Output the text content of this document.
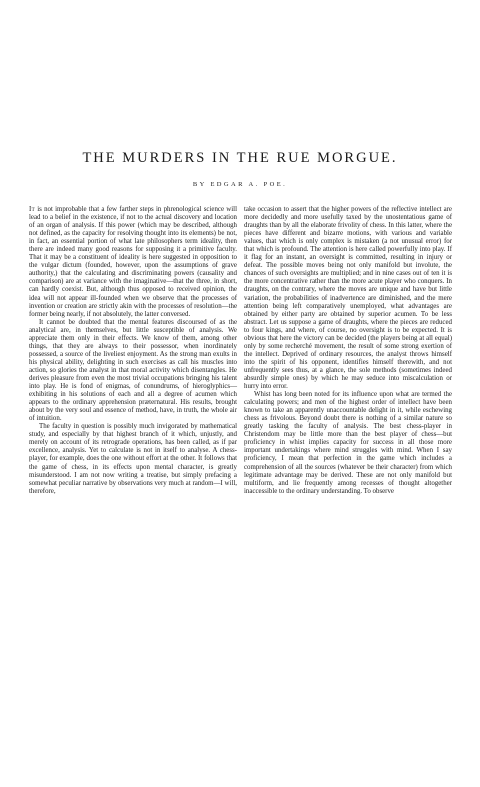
THE MURDERS IN THE RUE MORGUE.
BY EDGAR A. POE.

It is not improbable that a few farther steps in phrenological science will lead to a belief in the existence, if not to the actual discovery and location of an organ of analysis. If this power (which may be described, although not defined, as the capacity for resolving thought into its elements) be not, in fact, an essential portion of what late philosophers term ideality, then there are indeed many good reasons for supposing it a primitive faculty. That it may be a constituent of ideality is here suggested in opposition to the vulgar dictum (founded, however, upon the assumptions of grave authority,) that the calculating and discriminating powers (causality and comparison) are at variance with the imaginative—that the three, in short, can hardly coexist. But, although thus opposed to received opinion, the idea will not appear ill-founded when we observe that the processes of invention or creation are strictly akin with the processes of resolution—the former being nearly, if not absolutely, the latter conversed.

It cannot be doubted that the mental features discoursed of as the analytical are, in themselves, but little susceptible of analysis. We appreciate them only in their effects. We know of them, among other things, that they are always to their possessor, when inordinately possessed, a source of the liveliest enjoyment. As the strong man exults in his physical ability, delighting in such exercises as call his muscles into action, so glories the analyst in that moral activity which disentangles. He derives pleasure from even the most trivial occupations bringing his talent into play. He is fond of enigmas, of conundrums, of hieroglyphics—exhibiting in his solutions of each and all a degree of acumen which appears to the ordinary apprehension præternatural. His results, brought about by the very soul and essence of method, have, in truth, the whole air of intuition.

The faculty in question is possibly much invigorated by mathematical study, and especially by that highest branch of it which, unjustly, and merely on account of its retrograde operations, has been called, as if par excellence, analysis. Yet to calculate is not in itself to analyse. A chess-player, for example, does the one without effort at the other. It follows that the game of chess, in its effects upon mental character, is greatly misunderstood. I am not now writing a treatise, but simply prefacing a somewhat peculiar narrative by observations very much at random—I will, therefore,

take occasion to assert that the higher powers of the reflective intellect are more decidedly and more usefully taxed by the unostentatious game of draughts than by all the elaborate frivolity of chess. In this latter, where the pieces have different and bizarre motions, with various and variable values, that which is only complex is mistaken (a not unusual error) for that which is profound. The attention is here called powerfully into play. If it flag for an instant, an oversight is committed, resulting in injury or defeat. The possible moves being not only manifold but involute, the chances of such oversights are multiplied; and in nine cases out of ten it is the more concentrative rather than the more acute player who conquers. In draughts, on the contrary, where the moves are unique and have but little variation, the probabilities of inadvertence are diminished, and the mere attention being left comparatively unemployed, what advantages are obtained by either party are obtained by superior acumen. To be less abstract. Let us suppose a game of draughts, where the pieces are reduced to four kings, and where, of course, no oversight is to be expected. It is obvious that here the victory can be decided (the players being at all equal) only by some recherché movement, the result of some strong exertion of the intellect. Deprived of ordinary resources, the analyst throws himself into the spirit of his opponent, identifies himself therewith, and not unfrequently sees thus, at a glance, the sole methods (sometimes indeed absurdly simple ones) by which he may seduce into miscalculation or hurry into error.

Whist has long been noted for its influence upon what are termed the calculating powers; and men of the highest order of intellect have been known to take an apparently unaccountable delight in it, while eschewing chess as frivolous. Beyond doubt there is nothing of a similar nature so greatly tasking the faculty of analysis. The best chess-player in Christendom may be little more than the best player of chess—but proficiency in whist implies capacity for success in all those more important undertakings where mind struggles with mind. When I say proficiency, I mean that perfection in the game which includes a comprehension of all the sources (whatever be their character) from which legitimate advantage may be derived. These are not only manifold but multiform, and lie frequently among recesses of thought altogether inaccessible to the ordinary understanding. To observe
